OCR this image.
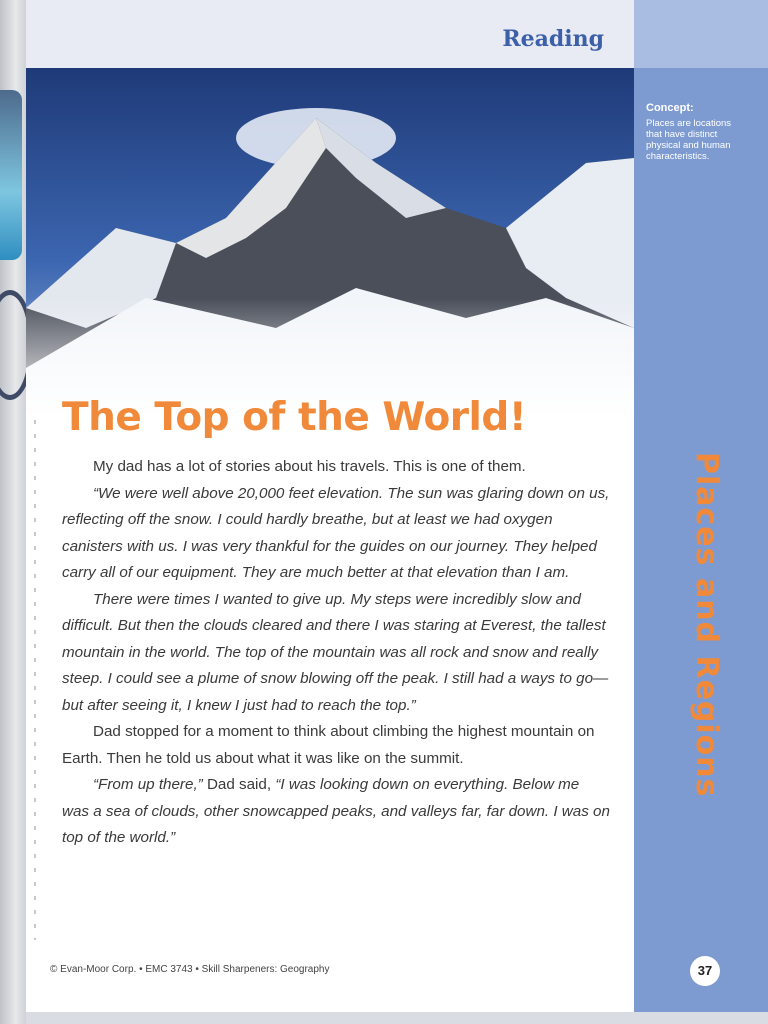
Reading
The Top of the World!

My dad has a lot of stories about his travels. This is one of them.

“We were well above 20,000 feet elevation. The sun was glaring down on us, reflecting off the snow. I could hardly breathe, but at least we had oxygen canisters with us. I was very thankful for the guides on our journey. They helped carry all of our equipment. They are much better at that elevation than I am.

There were times I wanted to give up. My steps were incredibly slow and difficult. But then the clouds cleared and there I was staring at Everest, the tallest mountain in the world. The top of the mountain was all rock and snow and really steep. I could see a plume of snow blowing off the peak. I still had a ways to go—but after seeing it, I knew I just had to reach the top.”

Dad stopped for a moment to think about climbing the highest mountain on Earth. Then he told us about what it was like on the summit.

“From up there,” Dad said, “I was looking down on everything. Below me was a sea of clouds, other snowcapped peaks, and valleys far, far down. I was on top of the world.”

© Evan-Moor Corp. • EMC 3743 • Skill Sharpeners: Geography
Concept:
Places are locations that have distinct physical and human characteristics.
Places and Regions
37
